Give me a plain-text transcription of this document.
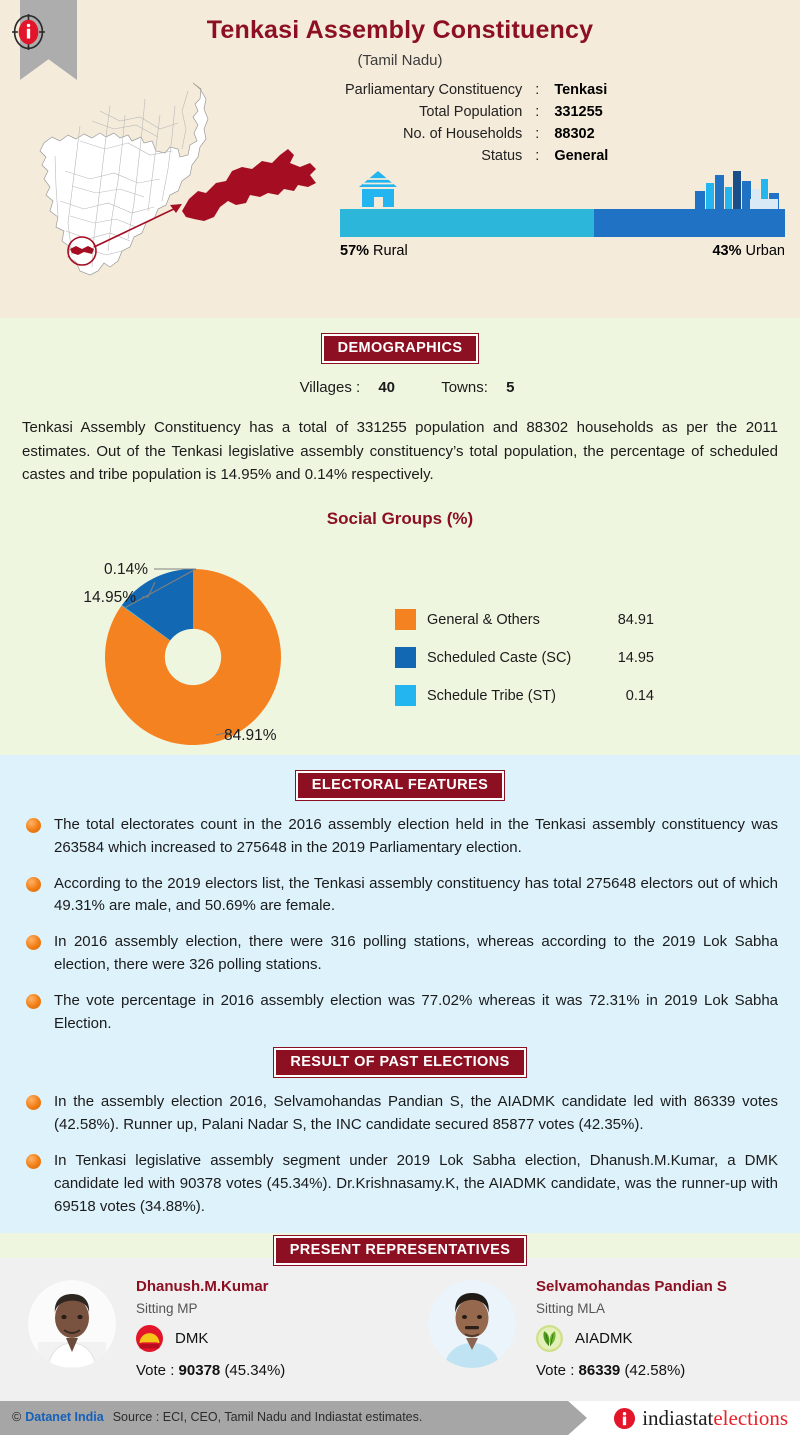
Tenkasi Assembly Constituency
(Tamil Nadu)
Parliamentary Constituency	:	Tenkasi
Total Population	:	331255
No. of Households	:	88302
Status	:	General
57% Rural	43% Urban
DEMOGRAPHICS
Villages : 40	Towns: 5
Tenkasi Assembly Constituency has a total of 331255 population and 88302 households as per the 2011 estimates. Out of the Tenkasi legislative assembly constituency’s total population, the percentage of scheduled castes and tribe population is 14.95% and 0.14% respectively.
Social Groups (%)
0.14%
14.95%
84.91%
General & Others	84.91
Scheduled Caste (SC)	14.95
Schedule Tribe (ST)	0.14
ELECTORAL FEATURES
The total electorates count in the 2016 assembly election held in the Tenkasi assembly constituency was 263584 which increased to 275648 in the 2019 Parliamentary election.
According to the 2019 electors list, the Tenkasi assembly constituency has total 275648 electors out of which 49.31% are male, and 50.69% are female.
In 2016 assembly election, there were 316 polling stations, whereas according to the 2019 Lok Sabha election, there were 326 polling stations.
The vote percentage in 2016 assembly election was 77.02% whereas it was 72.31% in 2019 Lok Sabha Election.
RESULT OF PAST ELECTIONS
In the assembly election 2016, Selvamohandas Pandian S, the AIADMK candidate led with 86339 votes (42.58%). Runner up, Palani Nadar S, the INC candidate secured 85877 votes (42.35%).
In Tenkasi legislative assembly segment under 2019 Lok Sabha election, Dhanush.M.Kumar, a DMK candidate led with 90378 votes (45.34%). Dr.Krishnasamy.K, the AIADMK candidate, was the runner-up with 69518 votes (34.88%).
PRESENT REPRESENTATIVES
Dhanush.M.Kumar
Sitting MP
DMK
Vote : 90378 (45.34%)
Selvamohandas Pandian S
Sitting MLA
AIADMK
Vote : 86339 (42.58%)
© Datanet India Source : ECI, CEO, Tamil Nadu and Indiastat estimates.	indiastat elections
